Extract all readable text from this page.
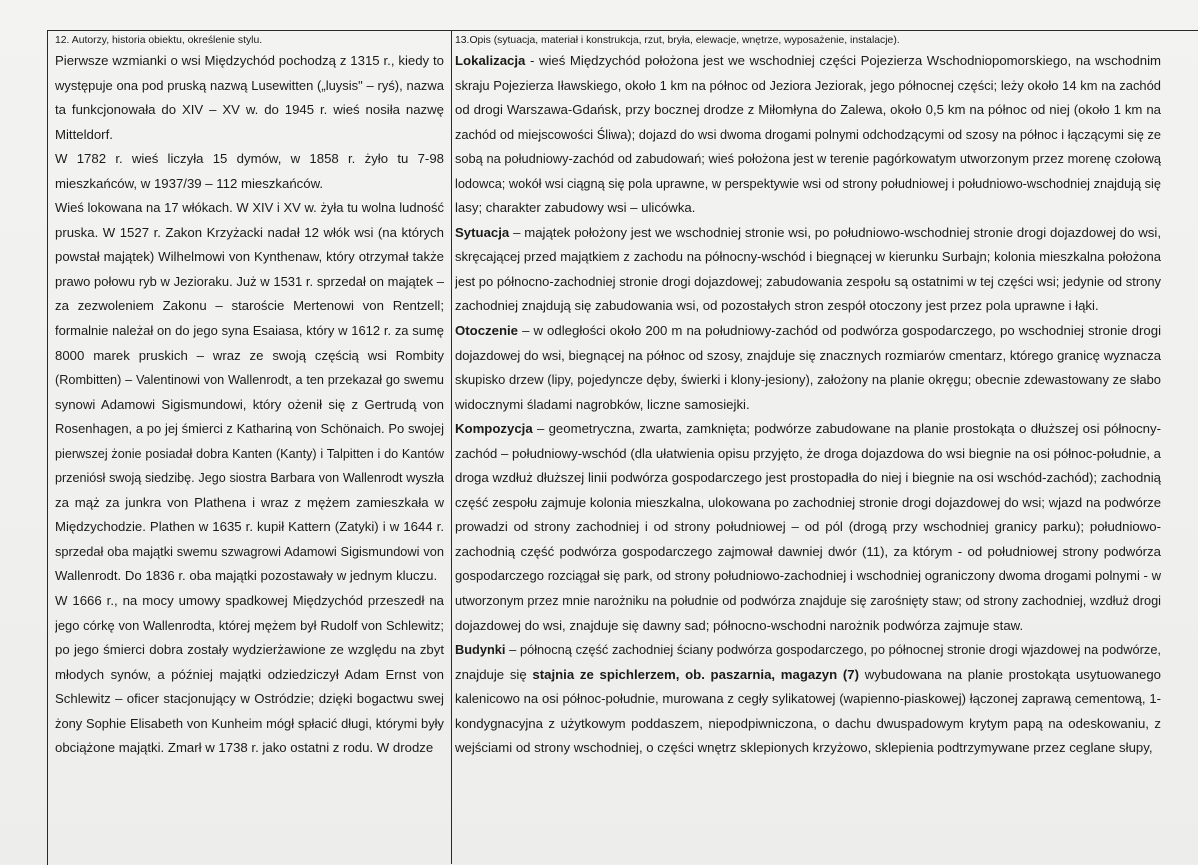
12. Autorzy, historia obiektu, określenie stylu.
Pierwsze wzmianki o wsi Międzychód pochodzą z 1315 r., kiedy to
występuje ona pod pruską nazwą Lusewitten („luysis" – ryś), nazwa
ta funkcjonowała do XIV – XV w. do 1945 r. wieś nosiła nazwę
Mitteldorf.
W 1782 r. wieś liczyła 15 dymów, w 1858 r. żyło tu 7-98
mieszkańców, w 1937/39 – 112 mieszkańców.
Wieś lokowana na 17 włókach. W XIV i XV w. żyła tu wolna ludność
pruska. W 1527 r. Zakon Krzyżacki nadał 12 włók wsi (na których
powstał majątek) Wilhelmowi von Kynthenaw, który otrzymał także
prawo połowu ryb w Jezioraku. Już w 1531 r. sprzedał on majątek –
za zezwoleniem Zakonu – staroście Mertenowi von Rentzell;
formalnie należał on do jego syna Esaiasa, który w 1612 r. za sumę
8000 marek pruskich – wraz ze swoją częścią wsi Rombity
(Rombitten) – Valentinowi von Wallenrodt, a ten przekazał go swemu
synowi Adamowi Sigismundowi, który ożenił się z Gertrudą von
Rosenhagen, a po jej śmierci z Kathariną von Schönaich. Po swojej
pierwszej żonie posiadał dobra Kanten (Kanty) i Talpitten i do Kantów
przeniósł swoją siedzibę. Jego siostra Barbara von Wallenrodt wyszła
za mąż za junkra von Plathena i wraz z mężem zamieszkała w
Międzychodzie. Plathen w 1635 r. kupił Kattern (Zatyki) i w 1644 r.
sprzedał oba majątki swemu szwagrowi Adamowi Sigismundowi von
Wallenrodt. Do 1836 r. oba majątki pozostawały w jednym kluczu.
W 1666 r., na mocy umowy spadkowej Międzychód przeszedł na
jego córkę von Wallenrodta, której mężem był Rudolf von Schlewitz;
po jego śmierci dobra zostały wydzierżawione ze względu na zbyt
młodych synów, a później majątki odziedziczył Adam Ernst von
Schlewitz – oficer stacjonujący w Ostródzie; dzięki bogactwu swej
żony Sophie Elisabeth von Kunheim mógł spłacić długi, którymi były
obciążone majątki. Zmarł w 1738 r. jako ostatni z rodu. W drodze
13.Opis (sytuacja, materiał i konstrukcja, rzut, bryła, elewacje, wnętrze, wyposażenie, instalacje).
Lokalizacja - wieś Międzychód położona jest we wschodniej części Pojezierza Wschodniopomorskiego, na wschodnim
skraju Pojezierza Iławskiego, około 1 km na północ od Jeziora Jeziorak, jego północnej części; leży około 14 km na zachód
od drogi Warszawa-Gdańsk, przy bocznej drodze z Miłomłyna do Zalewa, około 0,5 km na północ od niej (około 1 km na
zachód od miejscowości Śliwa); dojazd do wsi dwoma drogami polnymi odchodzącymi od szosy na północ i łączącymi się ze
sobą na południowy-zachód od zabudowań; wieś położona jest w terenie pagórkowatym utworzonym przez morenę czołową
lodowca; wokół wsi ciągną się pola uprawne, w perspektywie wsi od strony południowej i południowo-wschodniej znajdują się
lasy; charakter zabudowy wsi – ulicówka.
Sytuacja – majątek położony jest we wschodniej stronie wsi, po południowo-wschodniej stronie drogi dojazdowej do wsi,
skręcającej przed majątkiem z zachodu na północny-wschód i biegnącej w kierunku Surbajn; kolonia mieszkalna położona
jest po północno-zachodniej stronie drogi dojazdowej; zabudowania zespołu są ostatnimi w tej części wsi; jedynie od strony
zachodniej znajdują się zabudowania wsi, od pozostałych stron zespół otoczony jest przez pola uprawne i łąki.
Otoczenie – w odległości około 200 m na południowy-zachód od podwórza gospodarczego, po wschodniej stronie drogi
dojazdowej do wsi, biegnącej na północ od szosy, znajduje się znacznych rozmiarów cmentarz, którego granicę wyznacza
skupisko drzew (lipy, pojedyncze dęby, świerki i klony-jesiony), założony na planie okręgu; obecnie zdewastowany ze słabo
widocznymi śladami nagrobków, liczne samosiejki.
Kompozycja – geometryczna, zwarta, zamknięta; podwórze zabudowane na planie prostokąta o dłuższej osi północny-
zachód – południowy-wschód (dla ułatwienia opisu przyjęto, że droga dojazdowa do wsi biegnie na osi północ-południe, a
droga wzdłuż dłuższej linii podwórza gospodarczego jest prostopadła do niej i biegnie na osi wschód-zachód); zachodnią
część zespołu zajmuje kolonia mieszkalna, ulokowana po zachodniej stronie drogi dojazdowej do wsi; wjazd na podwórze
prowadzi od strony zachodniej i od strony południowej – od pól (drogą przy wschodniej granicy parku); południowo-
zachodnią część podwórza gospodarczego zajmował dawniej dwór (11), za którym - od południowej strony podwórza
gospodarczego rozciągał się park, od strony południowo-zachodniej i wschodniej ograniczony dwoma drogami polnymi - w
utworzonym przez mnie narożniku na południe od podwórza znajduje się zarośnięty staw; od strony zachodniej, wzdłuż drogi
dojazdowej do wsi, znajduje się dawny sad; północno-wschodni narożnik podwórza zajmuje staw.
Budynki – północną część zachodniej ściany podwórza gospodarczego, po północnej stronie drogi wjazdowej na podwórze,
znajduje się stajnia ze spichlerzem, ob. paszarnia, magazyn (7) wybudowana na planie prostokąta usytuowanego
kalenicowo na osi północ-południe, murowana z cegły sylikatowej (wapienno-piaskowej) łączonej zaprawą cementową, 1-
kondygnacyjna z użytkowym poddaszem, niepodpiwniczona, o dachu dwuspadowym krytym papą na odeskowaniu, z
wejściami od strony wschodniej, o części wnętrz sklepionych krzyżowo, sklepienia podtrzymywane przez ceglane słupy,
